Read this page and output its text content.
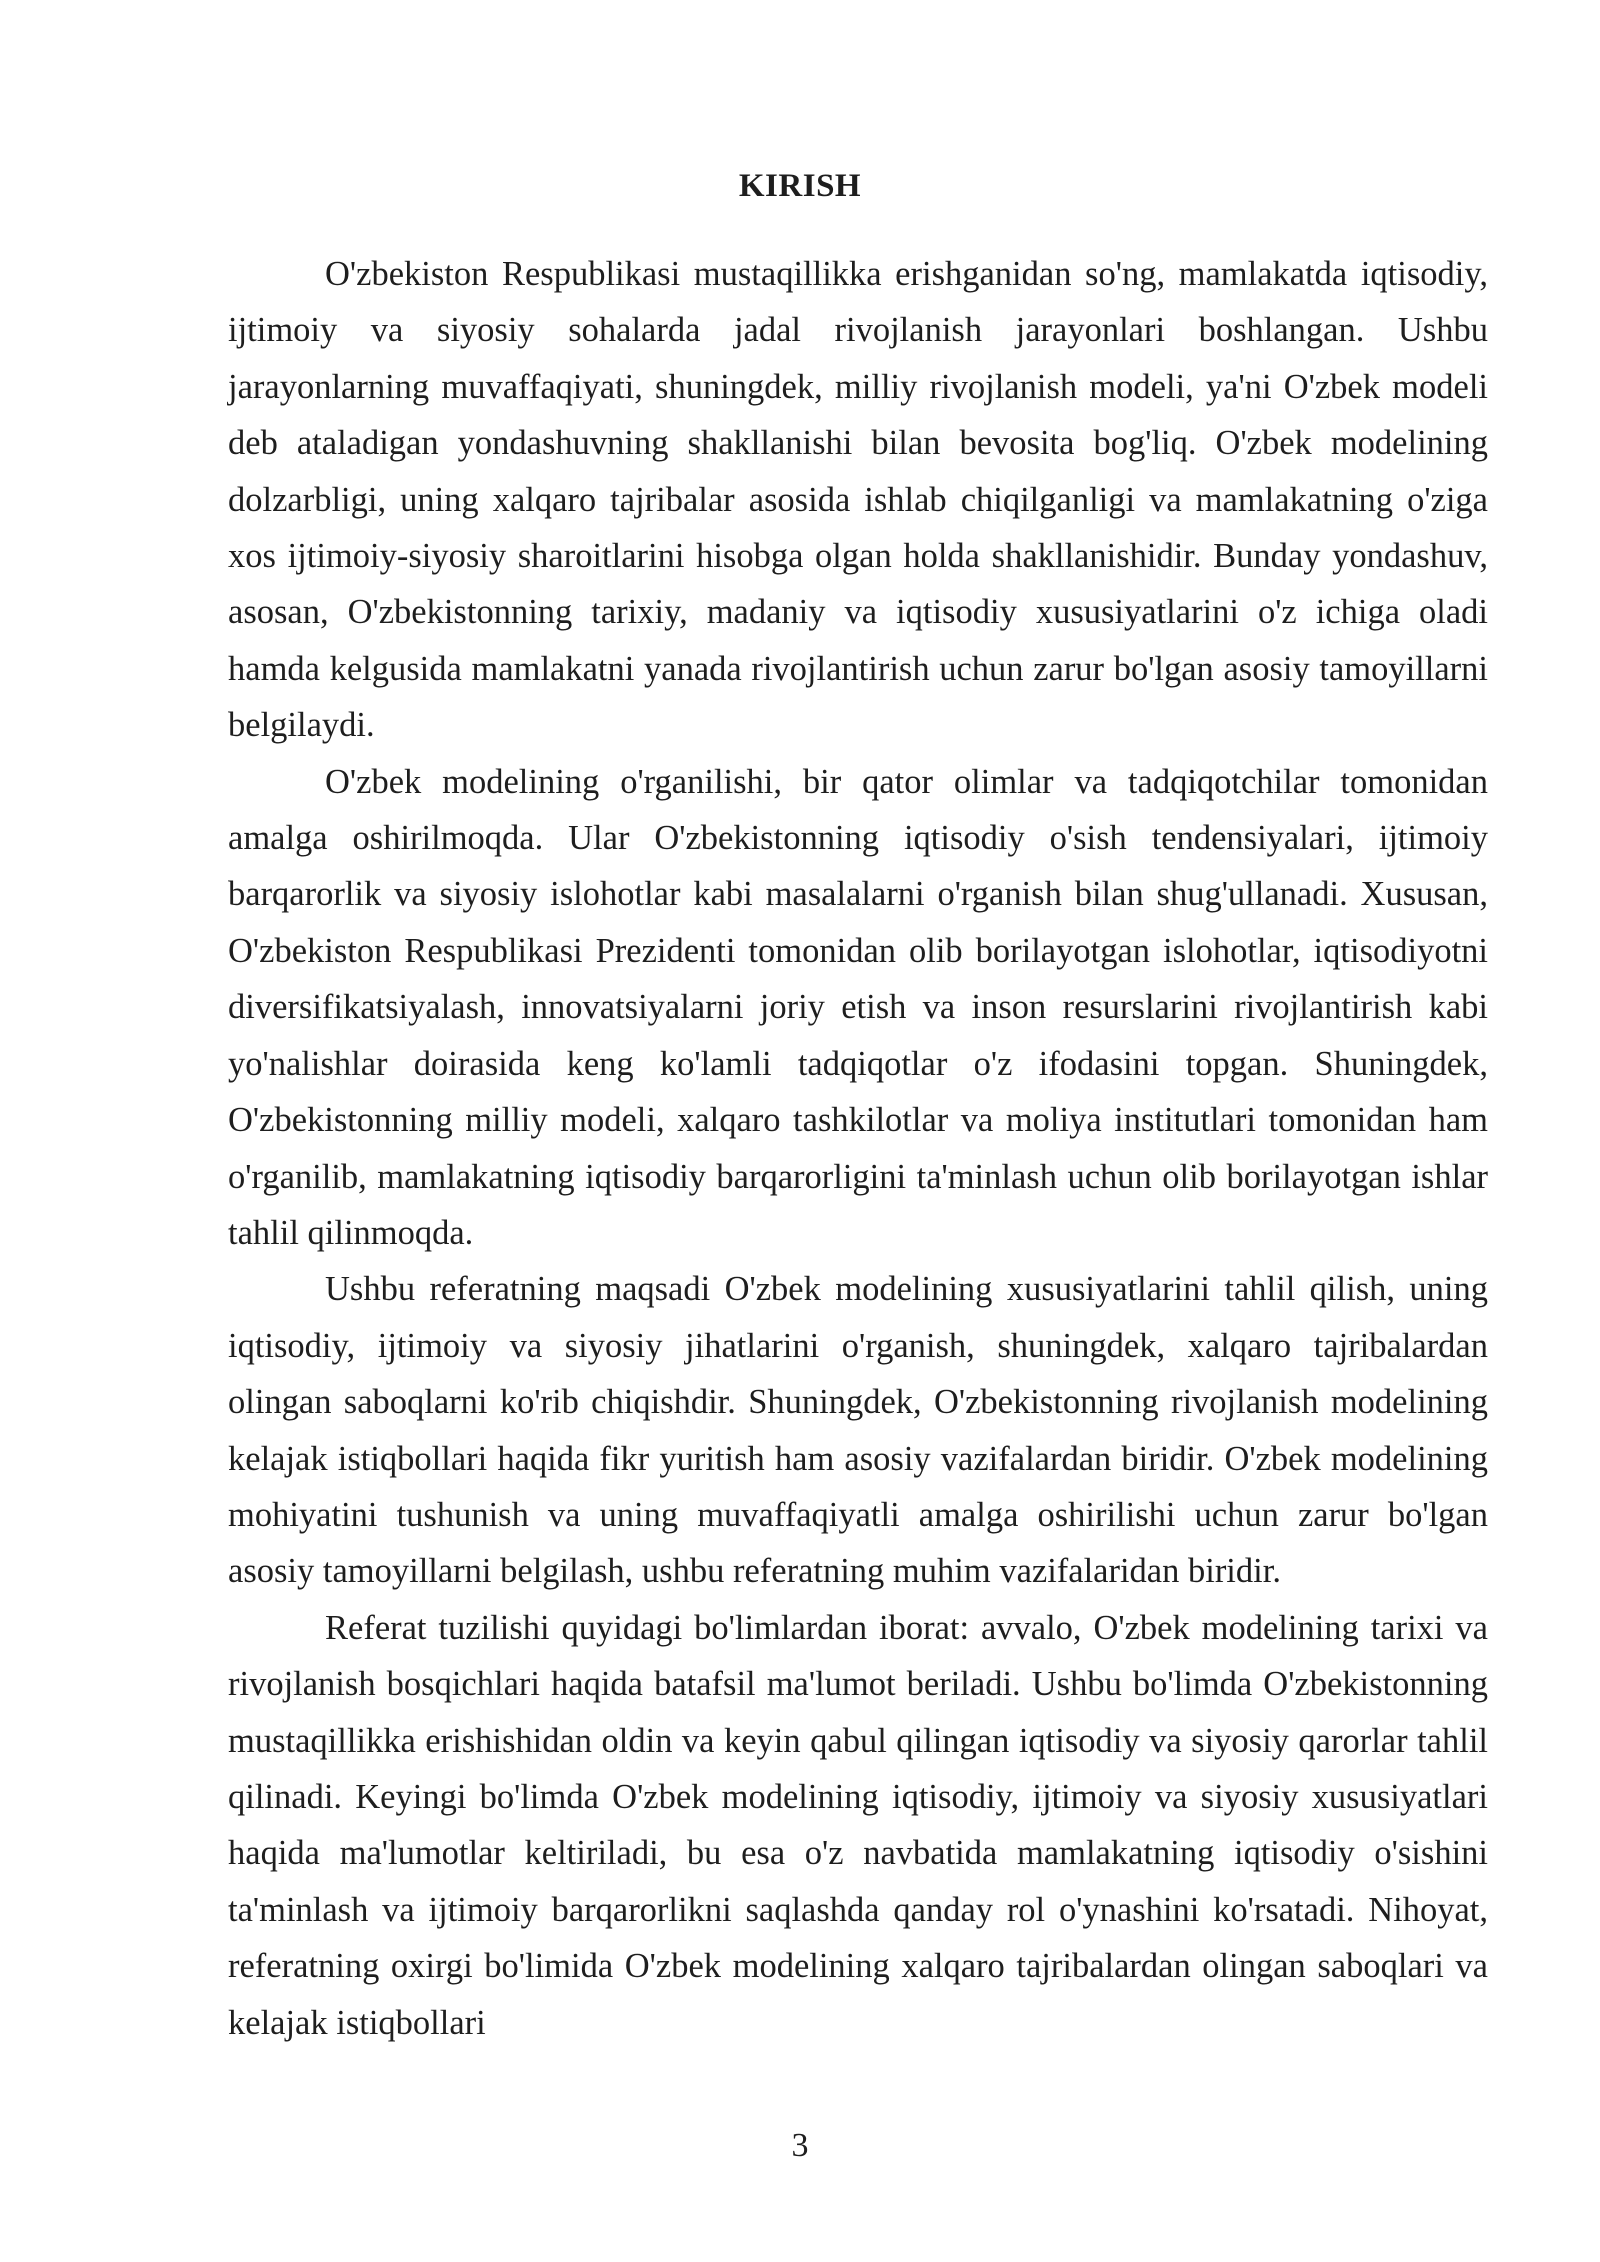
KIRISH

O'zbekiston Respublikasi mustaqillikka erishganidan so'ng, mamlakatda iqtisodiy, ijtimoiy va siyosiy sohalarda jadal rivojlanish jarayonlari boshlangan. Ushbu jarayonlarning muvaffaqiyati, shuningdek, milliy rivojlanish modeli, ya'ni O'zbek modeli deb ataladigan yondashuvning shakllanishi bilan bevosita bog'liq. O'zbek modelining dolzarbligi, uning xalqaro tajribalar asosida ishlab chiqilganligi va mamlakatning o'ziga xos ijtimoiy-siyosiy sharoitlarini hisobga olgan holda shakllanishidir. Bunday yondashuv, asosan, O'zbekistonning tarixiy, madaniy va iqtisodiy xususiyatlarini o'z ichiga oladi hamda kelgusida mamlakatni yanada rivojlantirish uchun zarur bo'lgan asosiy tamoyillarni belgilaydi.

O'zbek modelining o'rganilishi, bir qator olimlar va tadqiqotchilar tomonidan amalga oshirilmoqda. Ular O'zbekistonning iqtisodiy o'sish tendensiyalari, ijtimoiy barqarorlik va siyosiy islohotlar kabi masalalarni o'rganish bilan shug'ullanadi. Xususan, O'zbekiston Respublikasi Prezidenti tomonidan olib borilayotgan islohotlar, iqtisodiyotni diversifikatsiyalash, innovatsiyalarni joriy etish va inson resurslarini rivojlantirish kabi yo'nalishlar doirasida keng ko'lamli tadqiqotlar o'z ifodasini topgan. Shuningdek, O'zbekistonning milliy modeli, xalqaro tashkilotlar va moliya institutlari tomonidan ham o'rganilib, mamlakatning iqtisodiy barqarorligini ta'minlash uchun olib borilayotgan ishlar tahlil qilinmoqda.

Ushbu referatning maqsadi O'zbek modelining xususiyatlarini tahlil qilish, uning iqtisodiy, ijtimoiy va siyosiy jihatlarini o'rganish, shuningdek, xalqaro tajribalardan olingan saboqlarni ko'rib chiqishdir. Shuningdek, O'zbekistonning rivojlanish modelining kelajak istiqbollari haqida fikr yuritish ham asosiy vazifalardan biridir. O'zbek modelining mohiyatini tushunish va uning muvaffaqiyatli amalga oshirilishi uchun zarur bo'lgan asosiy tamoyillarni belgilash, ushbu referatning muhim vazifalaridan biridir.

Referat tuzilishi quyidagi bo'limlardan iborat: avvalo, O'zbek modelining tarixi va rivojlanish bosqichlari haqida batafsil ma'lumot beriladi. Ushbu bo'limda O'zbekistonning mustaqillikka erishishidan oldin va keyin qabul qilingan iqtisodiy va siyosiy qarorlar tahlil qilinadi. Keyingi bo'limda O'zbek modelining iqtisodiy, ijtimoiy va siyosiy xususiyatlari haqida ma'lumotlar keltiriladi, bu esa o'z navbatida mamlakatning iqtisodiy o'sishini ta'minlash va ijtimoiy barqarorlikni saqlashda qanday rol o'ynashini ko'rsatadi. Nihoyat, referatning oxirgi bo'limida O'zbek modelining xalqaro tajribalardan olingan saboqlari va kelajak istiqbollari

3
